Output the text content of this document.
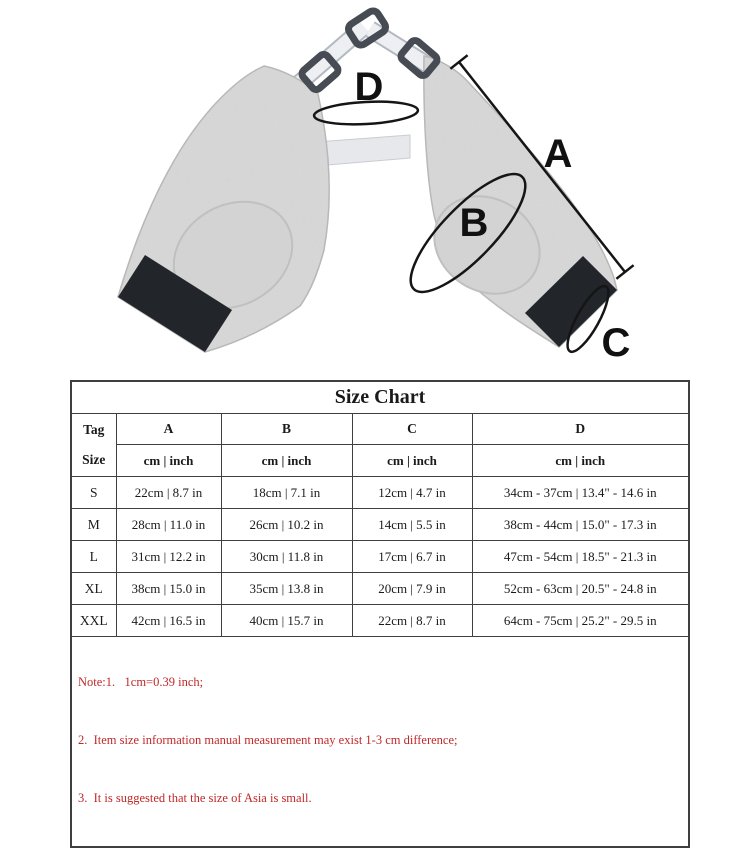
D
A
B
C
Size Chart				

Tag
Size	A	B	C	D
	cm | inch	cm | inch	cm | inch	cm | inch
S	22cm | 8.7 in	18cm | 7.1 in	12cm | 4.7 in	34cm - 37cm | 13.4" - 14.6 in
M	28cm | 11.0 in	26cm | 10.2 in	14cm | 5.5 in	38cm - 44cm | 15.0" - 17.3 in
L	31cm | 12.2 in	30cm | 11.8 in	17cm | 6.7 in	47cm - 54cm | 18.5" - 21.3 in
XL	38cm | 15.0 in	35cm | 13.8 in	20cm | 7.9 in	52cm - 63cm | 20.5" - 24.8 in
XXL	42cm | 16.5 in	40cm | 15.7 in	22cm | 8.7 in	64cm - 75cm | 25.2" - 29.5 in

Note:1.   1cm=0.39 inch;

2.  Item size information manual measurement may exist 1-3 cm difference;

3.  It is suggested that the size of Asia is small.				
